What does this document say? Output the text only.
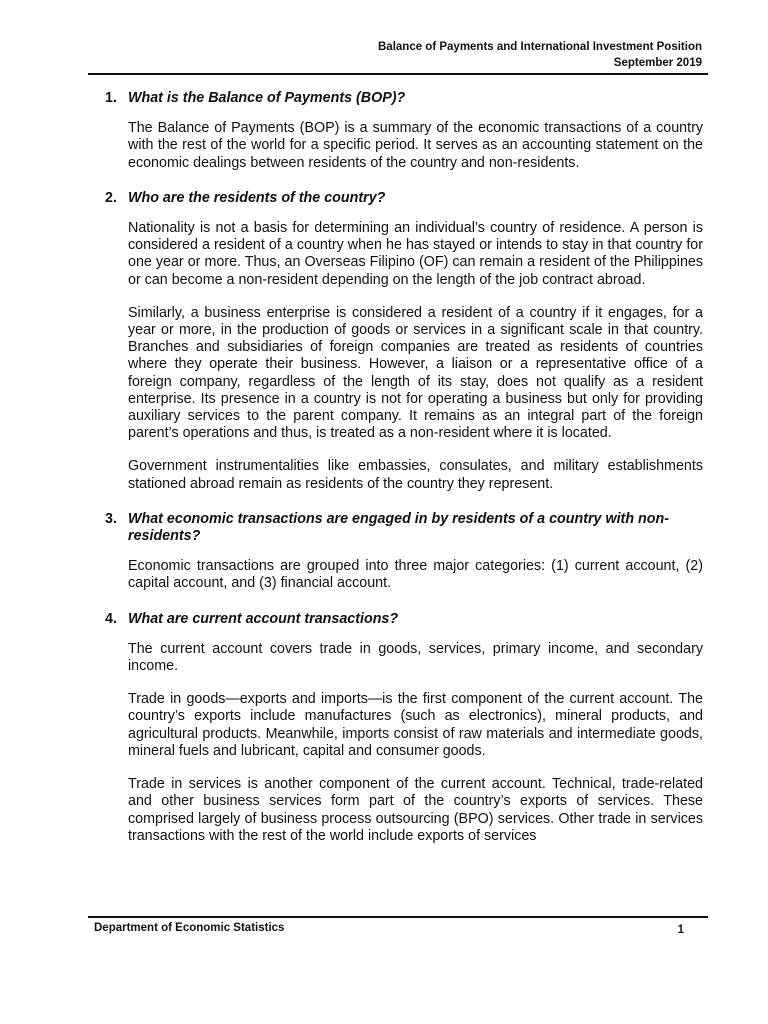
Balance of Payments and International Investment Position
September 2019

1. What is the Balance of Payments (BOP)?

The Balance of Payments (BOP) is a summary of the economic transactions of a country with the rest of the world for a specific period. It serves as an accounting statement on the economic dealings between residents of the country and non-residents.

2. Who are the residents of the country?

Nationality is not a basis for determining an individual’s country of residence. A person is considered a resident of a country when he has stayed or intends to stay in that country for one year or more. Thus, an Overseas Filipino (OF) can remain a resident of the Philippines or can become a non-resident depending on the length of the job contract abroad.

Similarly, a business enterprise is considered a resident of a country if it engages, for a year or more, in the production of goods or services in a significant scale in that country. Branches and subsidiaries of foreign companies are treated as residents of countries where they operate their business. However, a liaison or a representative office of a foreign company, regardless of the length of its stay, does not qualify as a resident enterprise. Its presence in a country is not for operating a business but only for providing auxiliary services to the parent company. It remains as an integral part of the foreign parent’s operations and thus, is treated as a non-resident where it is located.

Government instrumentalities like embassies, consulates, and military establishments stationed abroad remain as residents of the country they represent.

3. What economic transactions are engaged in by residents of a country with non-residents?

Economic transactions are grouped into three major categories: (1) current account, (2) capital account, and (3) financial account.

4. What are current account transactions?

The current account covers trade in goods, services, primary income, and secondary income.

Trade in goods—exports and imports—is the first component of the current account. The country’s exports include manufactures (such as electronics), mineral products, and agricultural products. Meanwhile, imports consist of raw materials and intermediate goods, mineral fuels and lubricant, capital and consumer goods.

Trade in services is another component of the current account. Technical, trade-related and other business services form part of the country’s exports of services. These comprised largely of business process outsourcing (BPO) services. Other trade in services transactions with the rest of the world include exports of services

Department of Economic Statistics	1
